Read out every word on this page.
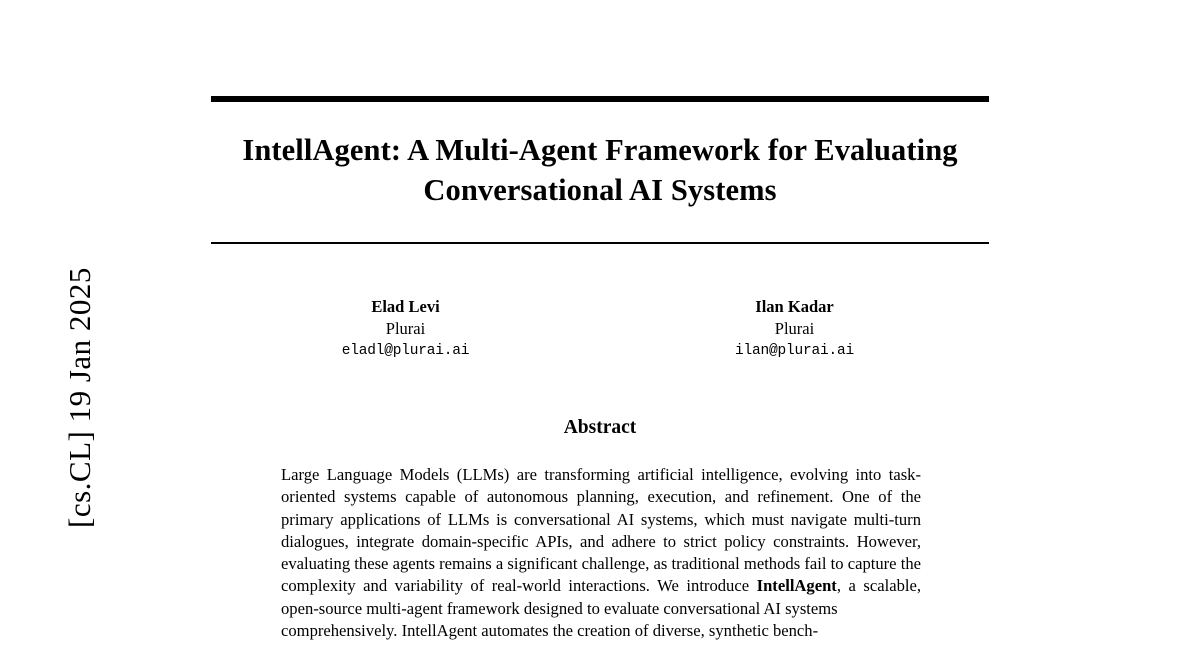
[cs.CL] 19 Jan 2025
IntellAgent: A Multi-Agent Framework for Evaluating
Conversational AI Systems
Elad Levi
Plurai
eladl@plurai.ai
Ilan Kadar
Plurai
ilan@plurai.ai
Abstract
Large Language Models (LLMs) are transforming artificial intelligence, evolving into task-oriented systems capable of autonomous planning, execution, and refinement. One of the primary applications of LLMs is conversational AI systems, which must navigate multi-turn dialogues, integrate domain-specific APIs, and adhere to strict policy constraints. However, evaluating these agents remains a significant challenge, as traditional methods fail to capture the complexity and variability of real-world interactions. We introduce IntellAgent, a scalable, open-source multi-agent framework designed to evaluate conversational AI systems
comprehensively. IntellAgent automates the creation of diverse, synthetic bench-
